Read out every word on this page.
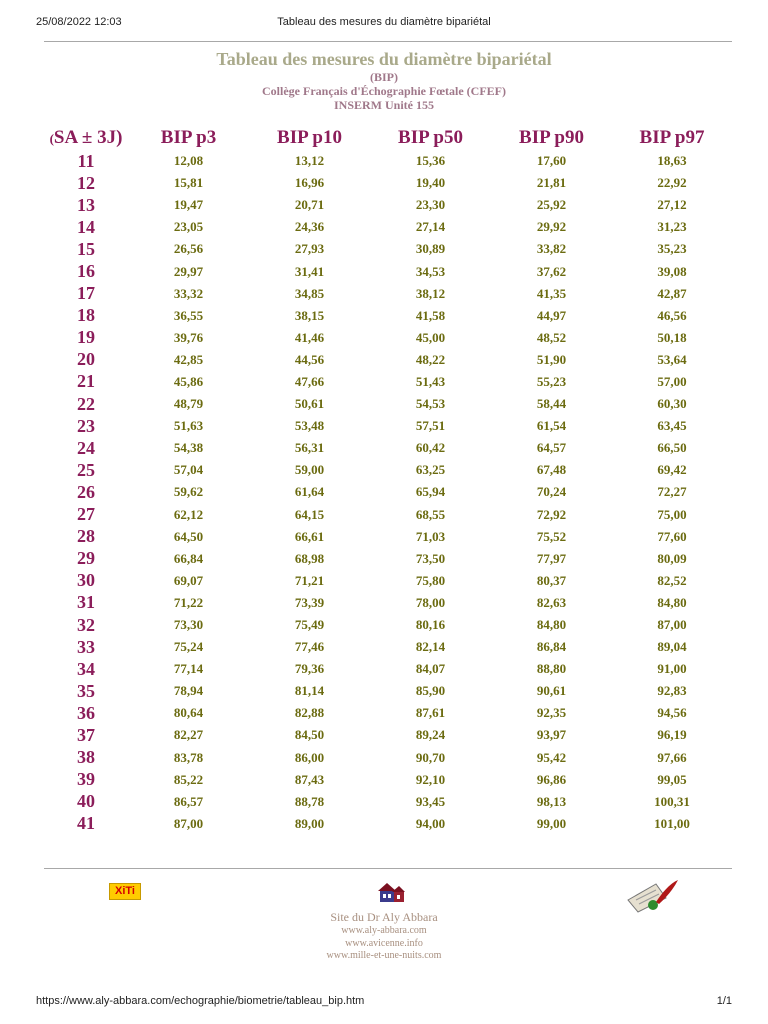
25/08/2022 12:03	Tableau des mesures du diamètre bipariétal
Tableau des mesures du diamètre bipariétal
(BIP)
Collège Français d'Échographie Fœtale (CFEF)
INSERM Unité 155
(SA ± 3J)	BIP p3	BIP p10	BIP p50	BIP p90	BIP p97
11	12,08	13,12	15,36	17,60	18,63
12	15,81	16,96	19,40	21,81	22,92
13	19,47	20,71	23,30	25,92	27,12
14	23,05	24,36	27,14	29,92	31,23
15	26,56	27,93	30,89	33,82	35,23
16	29,97	31,41	34,53	37,62	39,08
17	33,32	34,85	38,12	41,35	42,87
18	36,55	38,15	41,58	44,97	46,56
19	39,76	41,46	45,00	48,52	50,18
20	42,85	44,56	48,22	51,90	53,64
21	45,86	47,66	51,43	55,23	57,00
22	48,79	50,61	54,53	58,44	60,30
23	51,63	53,48	57,51	61,54	63,45
24	54,38	56,31	60,42	64,57	66,50
25	57,04	59,00	63,25	67,48	69,42
26	59,62	61,64	65,94	70,24	72,27
27	62,12	64,15	68,55	72,92	75,00
28	64,50	66,61	71,03	75,52	77,60
29	66,84	68,98	73,50	77,97	80,09
30	69,07	71,21	75,80	80,37	82,52
31	71,22	73,39	78,00	82,63	84,80
32	73,30	75,49	80,16	84,80	87,00
33	75,24	77,46	82,14	86,84	89,04
34	77,14	79,36	84,07	88,80	91,00
35	78,94	81,14	85,90	90,61	92,83
36	80,64	82,88	87,61	92,35	94,56
37	82,27	84,50	89,24	93,97	96,19
38	83,78	86,00	90,70	95,42	97,66
39	85,22	87,43	92,10	96,86	99,05
40	86,57	88,78	93,45	98,13	100,31
41	87,00	89,00	94,00	99,00	101,00
XiTi
Site du Dr Aly Abbara
www.aly-abbara.com
www.avicenne.info
www.mille-et-une-nuits.com
https://www.aly-abbara.com/echographie/biometrie/tableau_bip.htm	1/1
